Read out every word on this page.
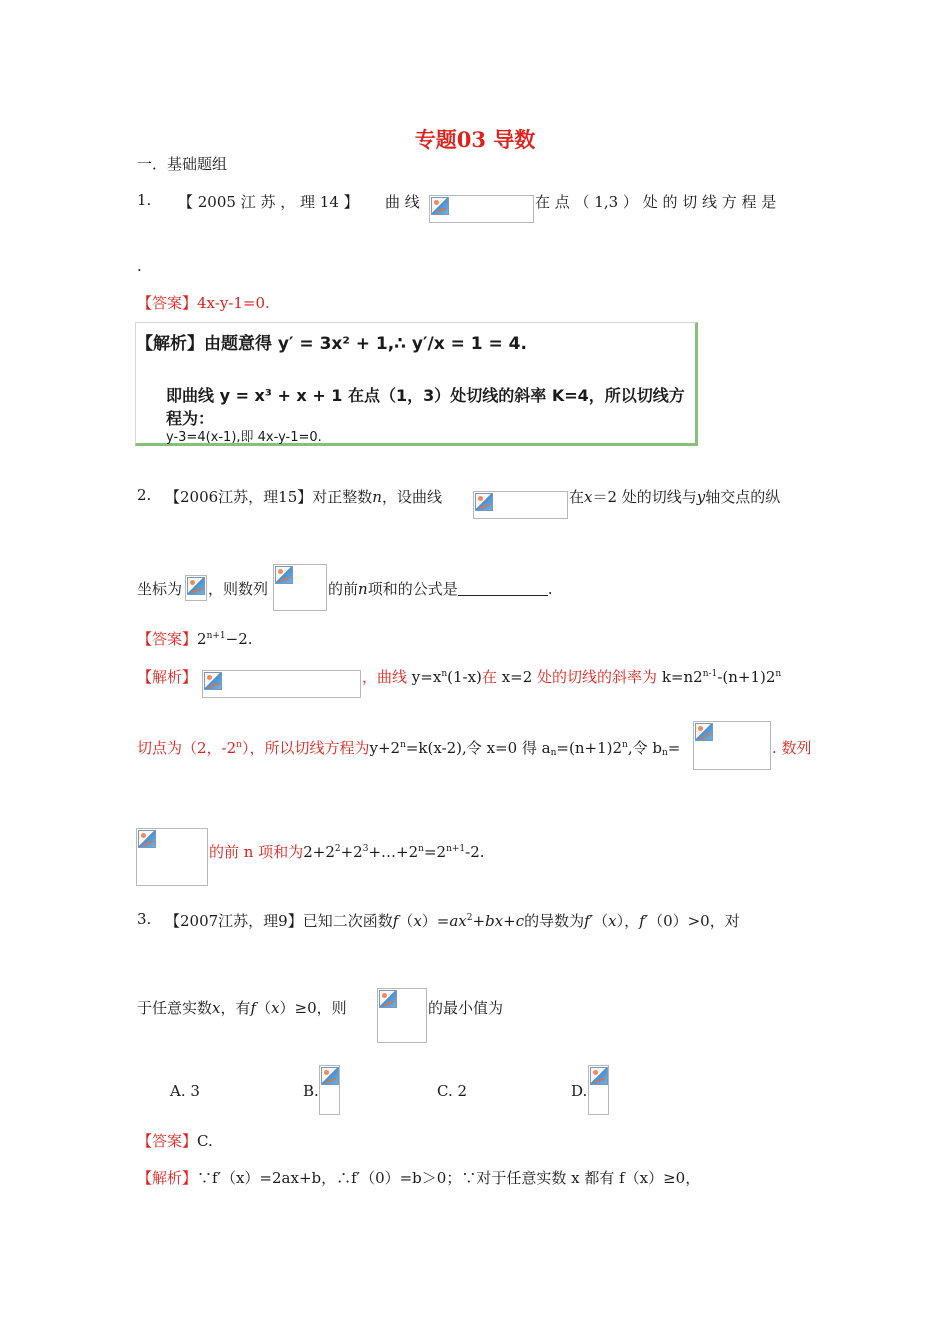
专题03 导数
一．基础题组
1. 【 2005 江 苏 ， 理 14 】 曲 线	在 点 （ 1,3 ） 处 的 切 线 方 程 是
.
【答案】4x-y-1=0.
【解析】由题意得 y′ = 3x² + 1,∴ y′/x = 1 = 4.
即曲线 y = x³ + x + 1 在点（1，3）处切线的斜率 K=4，所以切线方程为：
y-3=4(x-1),即 4x-y-1=0.
2. 【2006江苏，理15】对正整数n，设曲线	在x＝2 处的切线与y轴交点的纵
坐标为 ，则数列	的前n项和的公式是	.
【答案】$2^{n+1}-2$.
【解析】	，曲线 $y=x^n(1-x)$在 x=2 处的切线的斜率为 $k=n2^{n-1}-(n+1)2^n$
切点为（2，-2$^n$），所以切线方程为$y+2^n=k(x-2)$,令 x=0 得 $a_n=(n+1)2^n$,令 $b_n=$	. 数列
的前 n 项和为$2+2^2+2^3+\dots+2^n=2^{n+1}-2$.
3. 【2007江苏，理9】已知二次函数$f(x)=ax^2+bx+c$的导数为f′（x），f′（0）>0，对
于任意实数x，有f（x）≥0，则	的最小值为
A. 3	B.	C. 2	D.
【答案】C.
【解析】∵f′（x）=2ax+b，∴f′（0）=b＞0；∵对于任意实数 x 都有 f（x）≥0，
